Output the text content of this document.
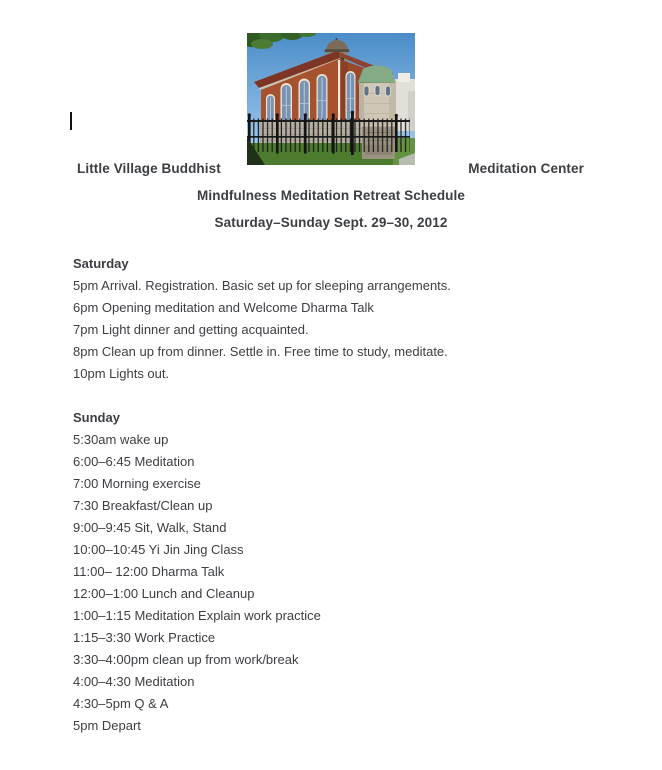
Little Village Buddhist	Meditation Center
Mindfulness Meditation Retreat Schedule
Saturday–Sunday Sept. 29–30, 2012
Saturday
5pm Arrival. Registration. Basic set up for sleeping arrangements.
6pm Opening meditation and Welcome Dharma Talk
7pm Light dinner and getting acquainted.
8pm Clean up from dinner. Settle in. Free time to study, meditate.
10pm Lights out.
Sunday
5:30am wake up
6:00–6:45 Meditation
7:00 Morning exercise
7:30 Breakfast/Clean up
9:00–9:45 Sit, Walk, Stand
10:00–10:45 Yi Jin Jing Class
11:00– 12:00 Dharma Talk
12:00–1:00 Lunch and Cleanup
1:00–1:15 Meditation Explain work practice
1:15–3:30 Work Practice
3:30–4:00pm clean up from work/break
4:00–4:30 Meditation
4:30–5pm Q & A
5pm Depart
